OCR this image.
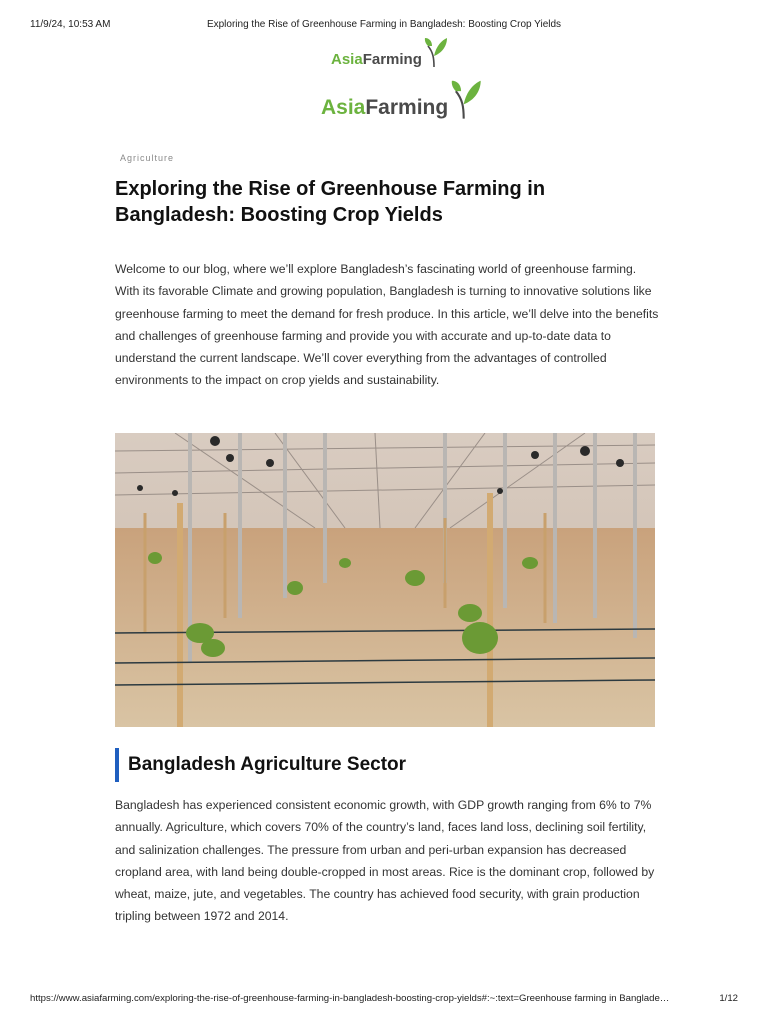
11/9/24, 10:53 AM	Exploring the Rise of Greenhouse Farming in Bangladesh: Boosting Crop Yields
Asia Farming
Asia Farming
Agriculture
Exploring the Rise of Greenhouse Farming in Bangladesh: Boosting Crop Yields

Welcome to our blog, where we’ll explore Bangladesh’s fascinating world of greenhouse farming. With its favorable Climate and growing population, Bangladesh is turning to innovative solutions like greenhouse farming to meet the demand for fresh produce. In this article, we’ll delve into the benefits and challenges of greenhouse farming and provide you with accurate and up-to-date data to understand the current landscape. We’ll cover everything from the advantages of controlled environments to the impact on crop yields and sustainability.

Bangladesh Agriculture Sector

Bangladesh has experienced consistent economic growth, with GDP growth ranging from 6% to 7% annually. Agriculture, which covers 70% of the country’s land, faces land loss, declining soil fertility, and salinization challenges. The pressure from urban and peri-urban expansion has decreased cropland area, with land being double-cropped in most areas. Rice is the dominant crop, followed by wheat, maize, jute, and vegetables. The country has achieved food security, with grain production tripling between 1972 and 2014.

https://www.asiafarming.com/exploring-the-rise-of-greenhouse-farming-in-bangladesh-boosting-crop-yields#:~:text=Greenhouse farming in Banglade…	1/12
